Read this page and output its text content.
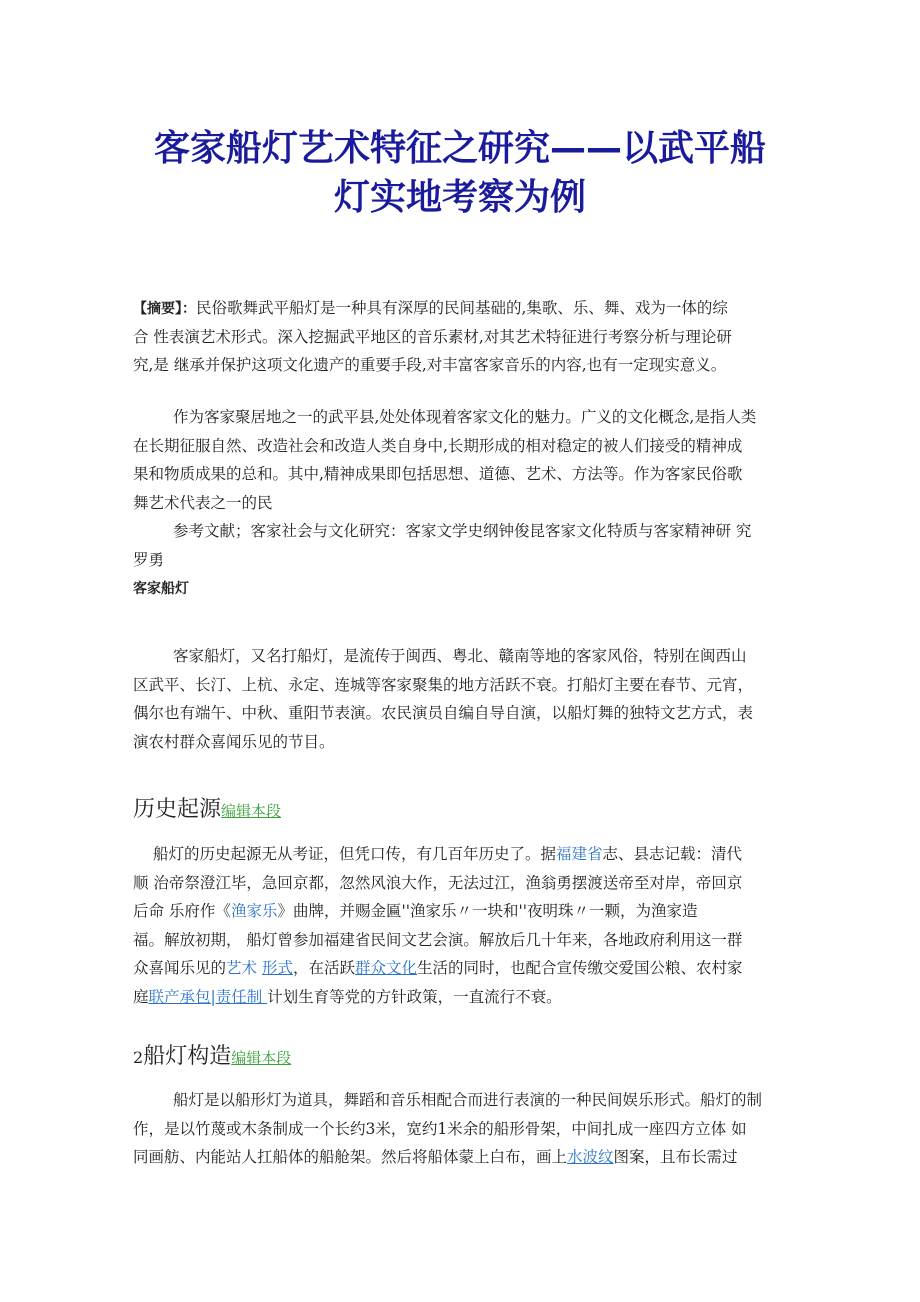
客家船灯艺术特征之研究——以武平船
灯实地考察为例
【摘要】：民俗歌舞武平船灯是一种具有深厚的民间基础的,集歌、乐、舞、戏为一体的综
合 性表演艺术形式。深入挖掘武平地区的音乐素材,对其艺术特征进行考察分析与理论研
究,是 继承并保护这项文化遗产的重要手段,对丰富客家音乐的内容,也有一定现实意义。
作为客家聚居地之一的武平县,处处体现着客家文化的魅力。广义的文化概念,是指人类
在长期征服自然、改造社会和改造人类自身中,长期形成的相对稳定的被人们接受的精神成
果和物质成果的总和。其中,精神成果即包括思想、道德、艺术、方法等。作为客家民俗歌
舞艺术代表之一的民
参考文献；客家社会与文化研究：客家文学史纲钟俊昆客家文化特质与客家精神研 究
罗勇
客家船灯
客家船灯，又名打船灯，是流传于闽西、粤北、赣南等地的客家风俗，特别在闽西山
区武平、长汀、上杭、永定、连城等客家聚集的地方活跃不衰。打船灯主要在春节、元宵，
偶尔也有端午、中秋、重阳节表演。农民演员自编自导自演，以船灯舞的独特文艺方式，表
演农村群众喜闻乐见的节目。
历史起源编辑本段
船灯的历史起源无从考证，但凭口传，有几百年历史了。据福建省志、县志记载：清代
顺 治帝祭澄江毕，急回京都，忽然风浪大作，无法过江，渔翁勇摆渡送帝至对岸，帝回京
后命 乐府作《渔家乐》曲牌，并赐金匾''渔家乐〃一块和''夜明珠〃一颗，为渔家造
福。解放初期， 船灯曾参加福建省民间文艺会演。解放后几十年来，各地政府利用这一群
众喜闻乐见的艺术 形式，在活跃群众文化生活的同时，也配合宣传缴交爱国公粮、农村家
庭联产承包|责任制 计划生育等党的方针政策，一直流行不衰。
2船灯构造编辑本段
船灯是以船形灯为道具，舞蹈和音乐相配合而进行表演的一种民间娱乐形式。船灯的制
作，是以竹蔑或木条制成一个长约3米，宽约1米余的船形骨架，中间扎成一座四方立体 如
同画舫、内能站人扛船体的船舱架。然后将船体蒙上白布，画上水波纹图案，且布长需过
